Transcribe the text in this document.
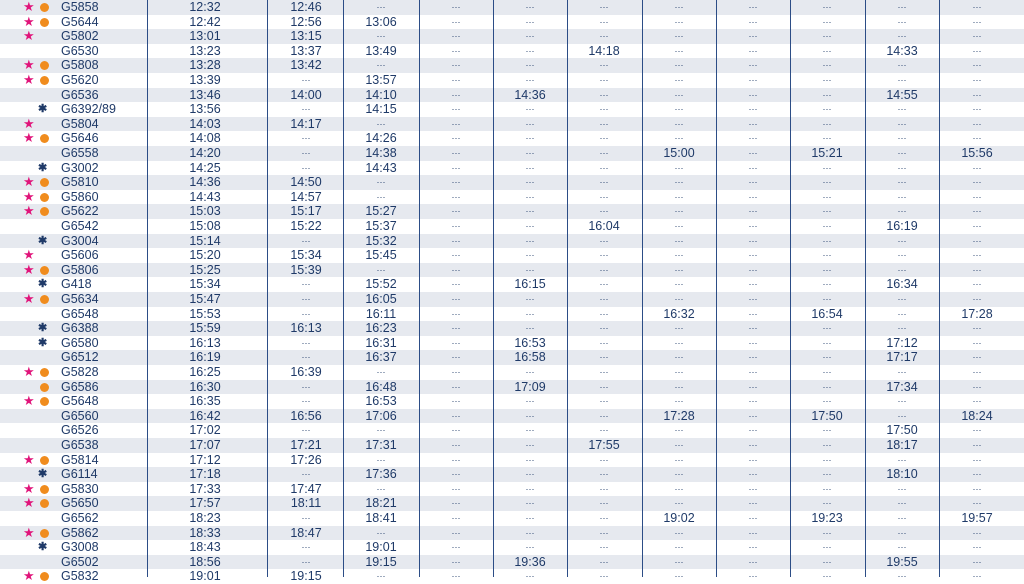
★ G5858	12:32	12:46	···	···	···	···	···	···	···	···	···
★ G5644	12:42	12:56	13:06	···	···	···	···	···	···	···	···
★ G5802	13:01	13:15	···	···	···	···	···	···	···	···	···
G6530	13:23	13:37	13:49	···	···	14:18	···	···	···	14:33	···
★ G5808	13:28	13:42	···	···	···	···	···	···	···	···	···
★ G5620	13:39	···	13:57	···	···	···	···	···	···	···	···
G6536	13:46	14:00	14:10	···	14:36	···	···	···	···	14:55	···
✱ G6392/89	13:56	···	14:15	···	···	···	···	···	···	···	···
★ G5804	14:03	14:17	···	···	···	···	···	···	···	···	···
★ G5646	14:08	···	14:26	···	···	···	···	···	···	···	···
G6558	14:20	···	14:38	···	···	···	15:00	···	15:21	···	15:56
✱ G3002	14:25	···	14:43	···	···	···	···	···	···	···	···
★ G5810	14:36	14:50	···	···	···	···	···	···	···	···	···
★ G5860	14:43	14:57	···	···	···	···	···	···	···	···	···
★ G5622	15:03	15:17	15:27	···	···	···	···	···	···	···	···
G6542	15:08	15:22	15:37	···	···	16:04	···	···	···	16:19	···
✱ G3004	15:14	···	15:32	···	···	···	···	···	···	···	···
★ G5606	15:20	15:34	15:45	···	···	···	···	···	···	···	···
★ G5806	15:25	15:39	···	···	···	···	···	···	···	···	···
✱ G418	15:34	···	15:52	···	16:15	···	···	···	···	16:34	···
★ G5634	15:47	···	16:05	···	···	···	···	···	···	···	···
G6548	15:53	···	16:11	···	···	···	16:32	···	16:54	···	17:28
✱ G6388	15:59	16:13	16:23	···	···	···	···	···	···	···	···
✱ G6580	16:13	···	16:31	···	16:53	···	···	···	···	17:12	···
G6512	16:19	···	16:37	···	16:58	···	···	···	···	17:17	···
★ G5828	16:25	16:39	···	···	···	···	···	···	···	···	···
G6586	16:30	···	16:48	···	17:09	···	···	···	···	17:34	···
★ G5648	16:35	···	16:53	···	···	···	···	···	···	···	···
G6560	16:42	16:56	17:06	···	···	···	17:28	···	17:50	···	18:24
G6526	17:02	···	···	···	···	···	···	···	···	17:50	···
G6538	17:07	17:21	17:31	···	···	17:55	···	···	···	18:17	···
★ G5814	17:12	17:26	···	···	···	···	···	···	···	···	···
✱ G6114	17:18	···	17:36	···	···	···	···	···	···	18:10	···
★ G5830	17:33	17:47	···	···	···	···	···	···	···	···	···
★ G5650	17:57	18:11	18:21	···	···	···	···	···	···	···	···
G6562	18:23	···	18:41	···	···	···	19:02	···	19:23	···	19:57
★ G5862	18:33	18:47	···	···	···	···	···	···	···	···	···
✱ G3008	18:43	···	19:01	···	···	···	···	···	···	···	···
G6502	18:56	···	19:15	···	19:36	···	···	···	···	19:55	···
★ G5832	19:01	19:15	···	···	···	···	···	···	···	···	···
